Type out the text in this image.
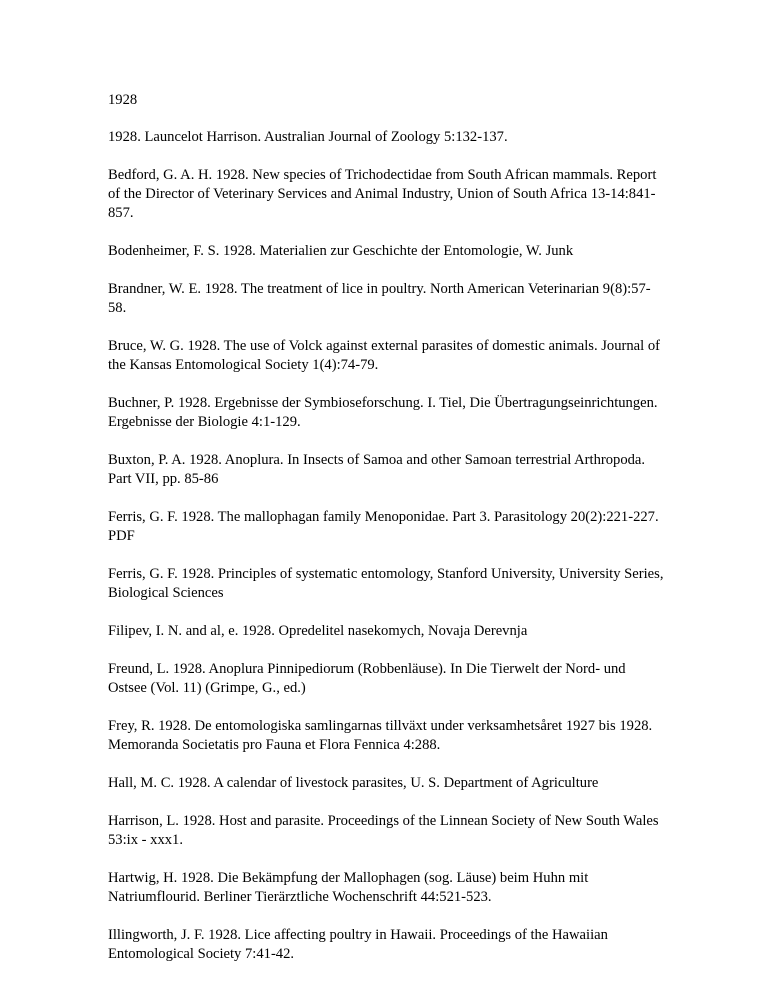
1928

1928. Launcelot Harrison. Australian Journal of Zoology 5:132-137.
Bedford, G. A. H. 1928. New species of Trichodectidae from South African mammals. Report of the Director of Veterinary Services and Animal Industry, Union of South Africa 13-14:841-857.
Bodenheimer, F. S. 1928. Materialien zur Geschichte der Entomologie, W. Junk
Brandner, W. E. 1928. The treatment of lice in poultry. North American Veterinarian 9(8):57-58.
Bruce, W. G. 1928. The use of Volck against external parasites of domestic animals. Journal of the Kansas Entomological Society 1(4):74-79.
Buchner, P. 1928. Ergebnisse der Symbioseforschung. I. Tiel, Die Übertragungseinrichtungen. Ergebnisse der Biologie 4:1-129.
Buxton, P. A. 1928. Anoplura. In Insects of Samoa and other Samoan terrestrial Arthropoda. Part VII, pp. 85-86
Ferris, G. F. 1928. The mallophagan family Menoponidae. Part 3. Parasitology 20(2):221-227. PDF
Ferris, G. F. 1928. Principles of systematic entomology, Stanford University, University Series, Biological Sciences
Filipev, I. N. and al, e. 1928. Opredelitel nasekomych, Novaja Derevnja
Freund, L. 1928. Anoplura Pinnipediorum (Robbenläuse). In Die Tierwelt der Nord- und Ostsee (Vol. 11) (Grimpe, G., ed.)
Frey, R. 1928. De entomologiska samlingarnas tillväxt under verksamhetsåret 1927 bis 1928. Memoranda Societatis pro Fauna et Flora Fennica 4:288.
Hall, M. C. 1928. A calendar of livestock parasites, U. S. Department of Agriculture
Harrison, L. 1928. Host and parasite. Proceedings of the Linnean Society of New South Wales 53:ix - xxx1.
Hartwig, H. 1928. Die Bekämpfung der Mallophagen (sog. Läuse) beim Huhn mit Natriumflourid. Berliner Tierärztliche Wochenschrift 44:521-523.
Illingworth, J. F. 1928. Lice affecting poultry in Hawaii. Proceedings of the Hawaiian Entomological Society 7:41-42.
